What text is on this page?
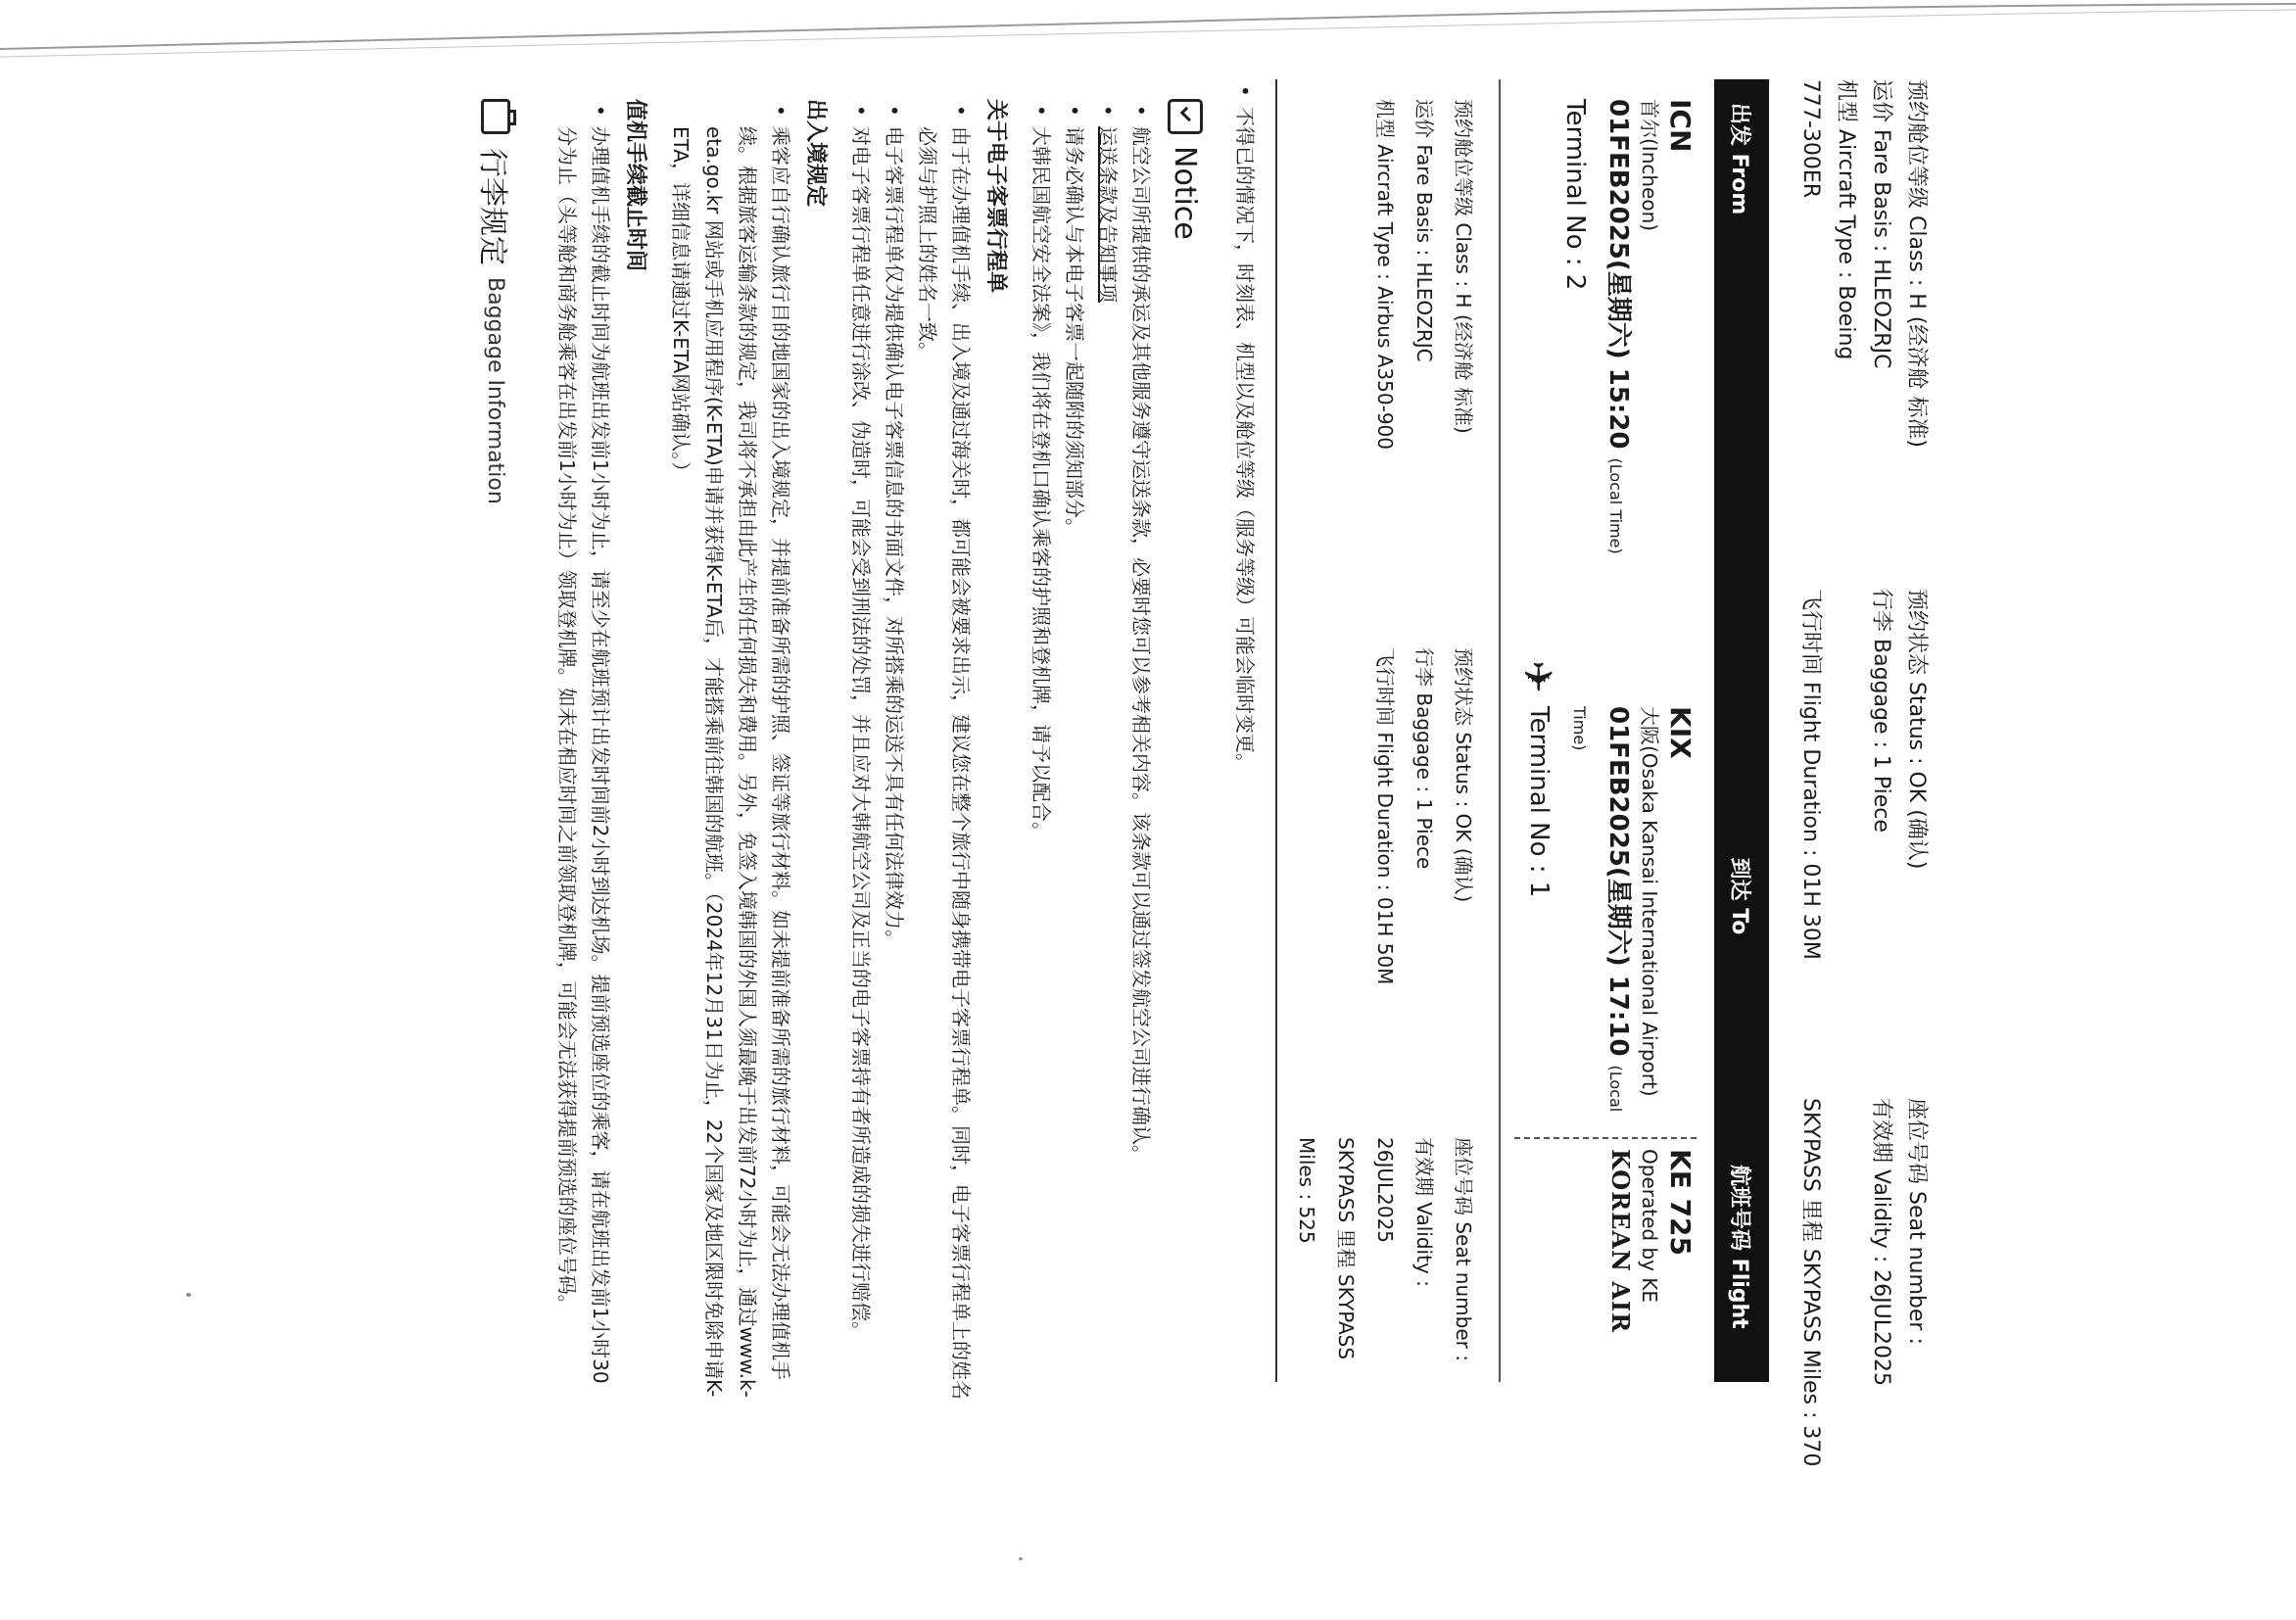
预约舱位等级 Class : H (经济舱 标准)
运价 Fare Basis : HLEOZRJC
机型 Aircraft Type : Boeing
777-300ER
预约状态 Status : OK (确认)
行李 Baggage : 1 Piece
飞行时间 Flight Duration : 01H 30M
座位号码 Seat number :
有效期 Validity : 26JUL2025
SKYPASS 里程 SKYPASS Miles : 370
出发 From
到达 To
航班号码 Flight
ICN
首尔(Incheon)
01FEB2025(星期六) 15:20 (Local Time)
Terminal No : 2
✈
KIX
大阪(Osaka Kansai International Airport)
01FEB2025(星期六) 17:10 (Local Time)
Terminal No : 1
KE 725
Operated by KE
KOREAN AIR
预约舱位等级 Class : H (经济舱 标准)
运价 Fare Basis : HLEOZRJC
机型 Aircraft Type : Airbus A350-900
预约状态 Status : OK (确认)
行李 Baggage : 1 Piece
飞行时间 Flight Duration : 01H 50M
座位号码 Seat number :
有效期 Validity : 26JUL2025
SKYPASS 里程 SKYPASS Miles : 525
• 不得已的情况下，时刻表、机型以及舱位等级（服务等级）可能会临时变更。
Notice
• 航空公司所提供的承运及其他服务遵守运送条款，必要时您可以参考相关内容。该条款可以通过签发航空公司进行确认。
• 运送条款及告知事项
• 请务必确认与本电子客票一起随附的须知部分。
• 大韩民国航空安全法案》，我们将在登机口确认乘客的护照和登机牌，请予以配合。
关于电子客票行程单
• 由于在办理值机手续、出入境及通过海关时，都可能会被要求出示，建议您在整个旅行中随身携带电子客票行程单。同时，电子客票行程单上的姓名必须与护照上的姓名一致。
• 电子客票行程单仅为提供确认电子客票信息的书面文件，对所搭乘的运送不具有任何法律效力。
• 对电子客票行程单任意进行涂改、伪造时，可能会受到刑法的处罚，并且应对大韩航空公司及正当的电子客票持有者所造成的损失进行赔偿。
出入境规定
• 乘客应自行确认旅行目的地国家的出入境规定，并提前准备所需的护照、签证等旅行材料。如未提前准备所需的旅行材料，可能会无法办理值机手续。根据旅客运输条款的规定，我司将不承担由此产生的任何损失和费用。另外，免签入境韩国的外国人须最晚于出发前72小时为止，通过www.k-eta.go.kr 网站或手机应用程序(K-ETA)申请并获得K-ETA后，才能搭乘前往韩国的航班。（2024年12月31日为止，22个国家及地区限时免除申请K-ETA，详细信息请通过K-ETA网站确认。）
值机手续截止时间
• 办理值机手续的截止时间为航班出发前1小时为止，请至少在航班预计出发时间前2小时到达机场。提前预选座位的乘客，请在航班出发前1小时30分为止（头等舱和商务舱乘客在出发前1小时为止）领取登机牌。如未在相应时间之前领取登机牌，可能会无法获得提前预选的座位号码。
行李规定
Baggage Information
